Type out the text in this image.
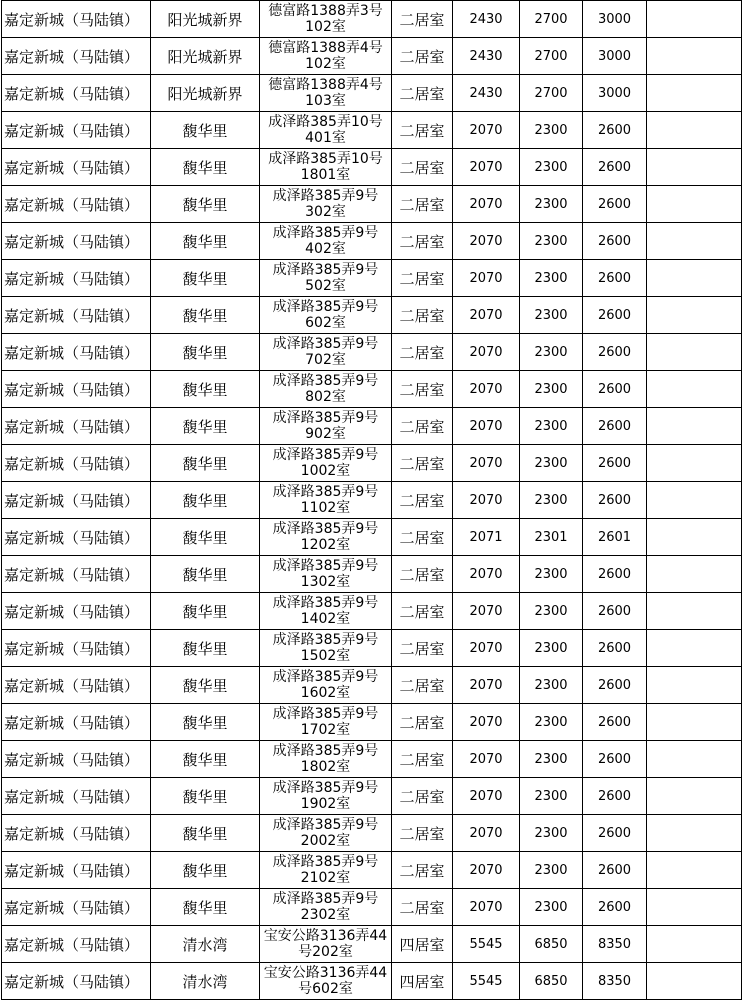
嘉定新城（马陆镇）	阳光城新界	德富路1388弄3号102室	二居室	2430	2700	3000	
嘉定新城（马陆镇）	阳光城新界	德富路1388弄4号102室	二居室	2430	2700	3000	
嘉定新城（马陆镇）	阳光城新界	德富路1388弄4号103室	二居室	2430	2700	3000	
嘉定新城（马陆镇）	馥华里	成泽路385弄10号401室	二居室	2070	2300	2600	
嘉定新城（马陆镇）	馥华里	成泽路385弄10号1801室	二居室	2070	2300	2600	
嘉定新城（马陆镇）	馥华里	成泽路385弄9号302室	二居室	2070	2300	2600	
嘉定新城（马陆镇）	馥华里	成泽路385弄9号402室	二居室	2070	2300	2600	
嘉定新城（马陆镇）	馥华里	成泽路385弄9号502室	二居室	2070	2300	2600	
嘉定新城（马陆镇）	馥华里	成泽路385弄9号602室	二居室	2070	2300	2600	
嘉定新城（马陆镇）	馥华里	成泽路385弄9号702室	二居室	2070	2300	2600	
嘉定新城（马陆镇）	馥华里	成泽路385弄9号802室	二居室	2070	2300	2600	
嘉定新城（马陆镇）	馥华里	成泽路385弄9号902室	二居室	2070	2300	2600	
嘉定新城（马陆镇）	馥华里	成泽路385弄9号1002室	二居室	2070	2300	2600	
嘉定新城（马陆镇）	馥华里	成泽路385弄9号1102室	二居室	2070	2300	2600	
嘉定新城（马陆镇）	馥华里	成泽路385弄9号1202室	二居室	2071	2301	2601	
嘉定新城（马陆镇）	馥华里	成泽路385弄9号1302室	二居室	2070	2300	2600	
嘉定新城（马陆镇）	馥华里	成泽路385弄9号1402室	二居室	2070	2300	2600	
嘉定新城（马陆镇）	馥华里	成泽路385弄9号1502室	二居室	2070	2300	2600	
嘉定新城（马陆镇）	馥华里	成泽路385弄9号1602室	二居室	2070	2300	2600	
嘉定新城（马陆镇）	馥华里	成泽路385弄9号1702室	二居室	2070	2300	2600	
嘉定新城（马陆镇）	馥华里	成泽路385弄9号1802室	二居室	2070	2300	2600	
嘉定新城（马陆镇）	馥华里	成泽路385弄9号1902室	二居室	2070	2300	2600	
嘉定新城（马陆镇）	馥华里	成泽路385弄9号2002室	二居室	2070	2300	2600	
嘉定新城（马陆镇）	馥华里	成泽路385弄9号2102室	二居室	2070	2300	2600	
嘉定新城（马陆镇）	馥华里	成泽路385弄9号2302室	二居室	2070	2300	2600	
嘉定新城（马陆镇）	清水湾	宝安公路3136弄44号202室	四居室	5545	6850	8350	
嘉定新城（马陆镇）	清水湾	宝安公路3136弄44号602室	四居室	5545	6850	8350	
